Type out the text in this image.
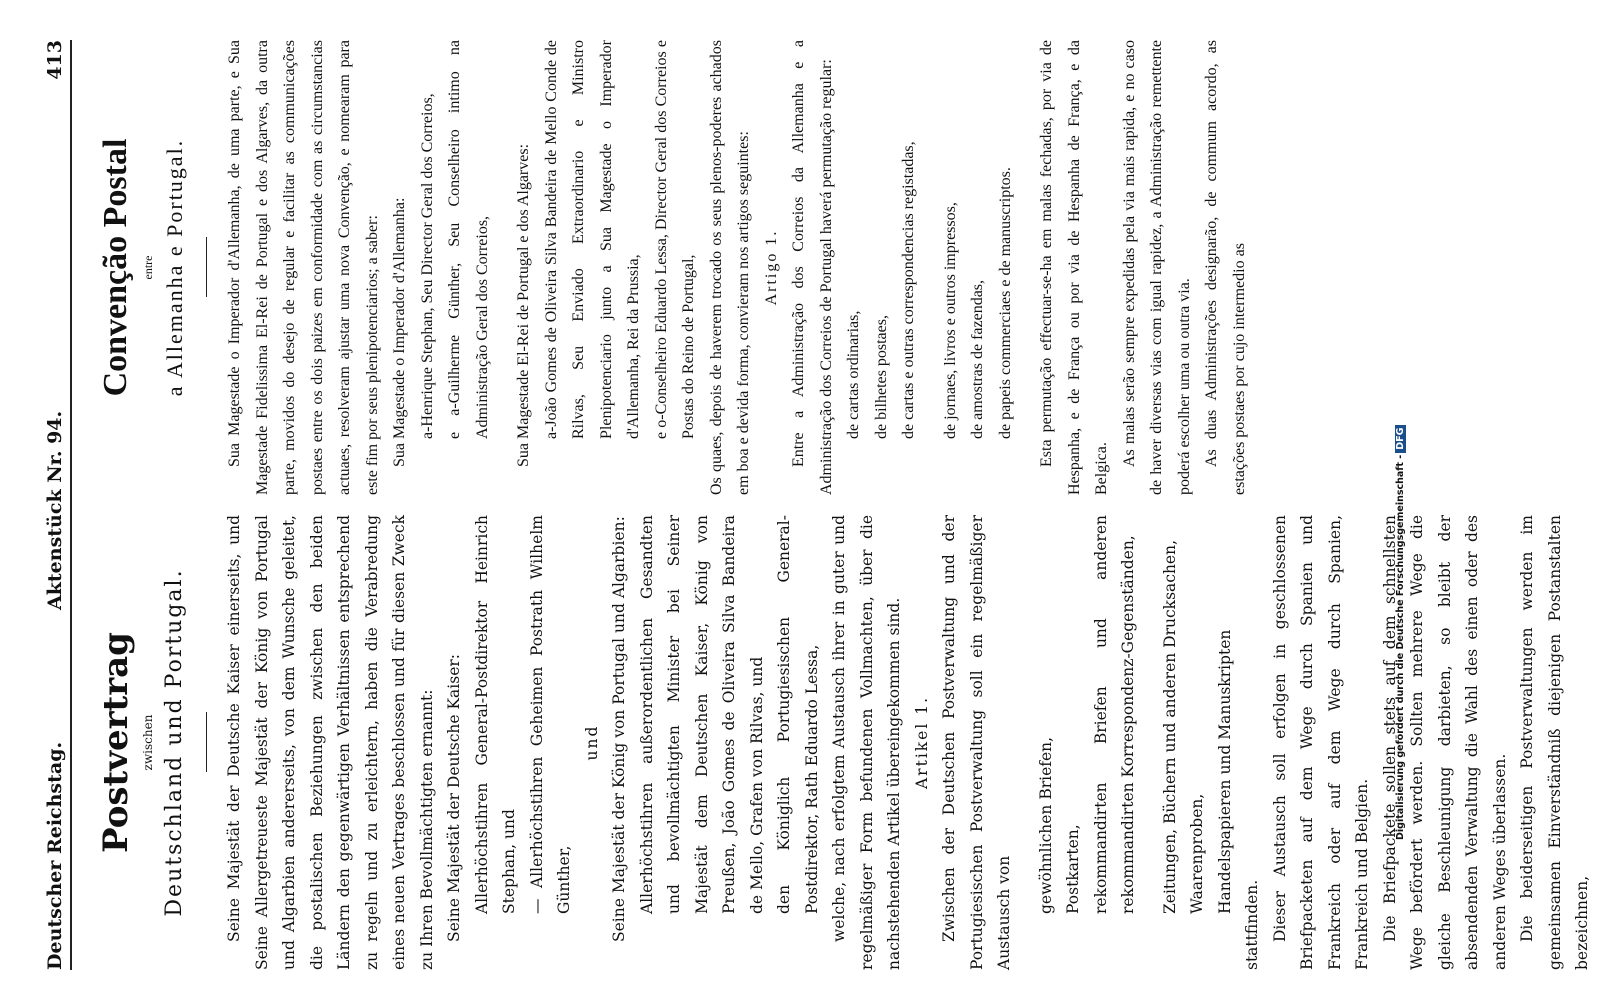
Deutscher Reichstag.
Aktenstück Nr. 94.
413
Postvertrag zwischen Deutschland und Portugal.	Seine Majestät der Deutsche Kaiser einerseits, und Seine Allergetreueste Majestät der König von Portugal und Algarbien andererseits, von dem Wunsche geleitet, die postalischen Beziehungen zwischen den beiden Ländern den gegenwärtigen Verhältnissen entsprechend zu regeln und zu erleichtern, haben die Verabredung eines neuen Vertrages beschlossen und für diesen Zweck zu Ihren Bevollmächtigten ernannt: Seine Majestät der Deutsche Kaiser: Allerhöchstihren General-Postdirektor Heinrich Stephan, und — Allerhöchstihren Geheimen Postrath Wilhelm Günther,

und Seine Majestät der König von Portugal und Algarbien: Allerhöchstihren außerordentlichen Gesandten und bevollmächtigten Minister bei Seiner Majestät dem Deutschen Kaiser, König von Preußen, João Gomes de Oliveira Silva Bandeira de Mello, Grafen von Rilvas, und den Königlich Portugiesischen General-Postdirektor, Rath Eduardo Lessa, welche, nach erfolgtem Austausch ihrer in guter und regelmäßiger Form befundenen Vollmachten, über die nachstehenden Artikel übereingekommen sind. Artikel 1. Zwischen der Deutschen Postverwaltung und der Portugiesischen Postverwaltung soll ein regelmäßiger Austausch von	gewöhnlichen Briefen, Postkarten, rekommandirten Briefen und anderen rekommandirten Korrespondenz-Gegenständen,	Zeitungen, Büchern und anderen Drucksachen, Waarenproben, Handelspapieren und Manuskripten

stattfinden. Dieser Austausch soll erfolgen in geschlossenen Briefpacketen auf dem Wege durch Spanien und Frankreich oder auf dem Wege durch Spanien, Frankreich und Belgien. Die Briefpackete sollen stets auf dem schnellsten Wege befördert werden. Sollten mehrere Wege die gleiche Beschleunigung darbieten, so bleibt der absendenden Verwaltung die Wahl des einen oder des anderen Weges überlassen. Die beiderseitigen Postverwaltungen werden im gemeinsamen Einverständniß diejenigen Postanstalten bezeichnen,

Convenção Postal entre a Allemanha e Portugal.	Sua Magestade o Imperador d'Allemanha, de uma parte, e Sua Magestade Fidelissima El-Rei de Portugal e dos Algarves, da outra parte, movidos do desejo de regular e facilitar as communicações postaes entre os dois paizes em conformidade com as circumstancias actuaes, resolveram ajustar uma nova Convenção, e nomearam para este fim por seus plenipotenciarios; a saber: Sua Magestade o Imperador d'Allemanha: a-Henrique Stephan, Seu Director Geral dos Correios, e a-Guilherme Günther, Seu Conselheiro intimo na Administração Geral dos Correios,	Sua Magestade El-Rei de Portugal e dos Algarves: a-João Gomes de Oliveira Silva Bandeira de Mello Conde de Rilvas, Seu Enviado Extraordinario e Ministro Plenipotenciario junto a Sua Magestade o Imperador d'Allemanha, Rei da Prussia, e o-Conselheiro Eduardo Lessa, Director Geral dos Correios e Postas do Reino de Portugal, Os quaes, depois de haverem trocado os seus plenos-poderes achados em boa e devida forma, convieram nos artigos seguintes: Artigo 1. Entre a Administração dos Correios da Allemanha e a Administração dos Correios de Portugal haverá permutação regular: de cartas ordinarias, de bilhetes postaes, de cartas e outras correspondencias registadas,	de jornaes, livros e outros impressos, de amostras de fazendas, de papeis commerciaes e de manuscriptos.	Esta permutação effectuar-se-ha em malas fechadas, por via de Hespanha, e de França ou por via de Hespanha de França, e da Belgica.

As malas serão sempre expedidas pela via mais rapida, e no caso de haver diversas vias com igual rapidez, a Administração remettente poderá escolher uma ou outra via. As duas Administrações designarão, de commum acordo, as estações postaes por cujo intermedio as

Digitalisierung gefördert durch die Deutsche Forschungsgemeinschaft -DFG
